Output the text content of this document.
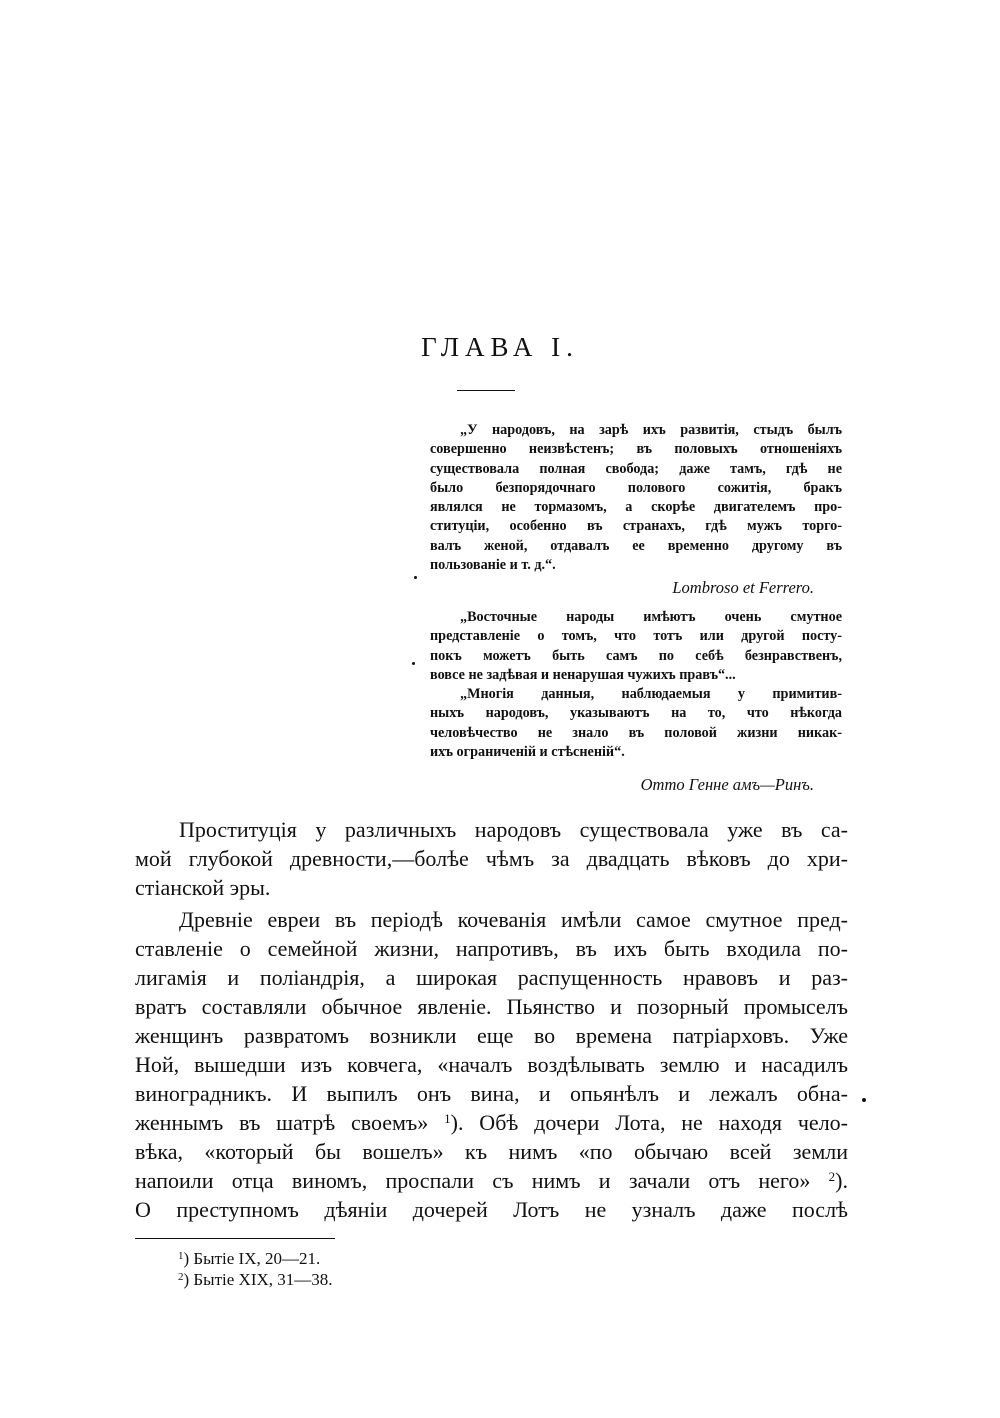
ГЛАВА I.
„У народовъ, на зарѣ ихъ развитія, стыдъ былъ
совершенно неизвѣстенъ; въ половыхъ отношеніяхъ
существовала полная свобода; даже тамъ, гдѣ не
было безпорядочнаго полового сожитія, бракъ
являлся не тормазомъ, а скорѣе двигателемъ про-
ституціи, особенно въ странахъ, гдѣ мужъ торго-
валъ женой, отдавалъ ее временно другому въ
пользованіе и т. д.“.
Lombroso et Ferrero.
„Восточные народы имѣютъ очень смутное
представленіе о томъ, что тотъ или другой посту-
покъ можетъ быть самъ по себѣ безнравственъ,
вовсе не задѣвая и ненарушая чужихъ правъ“...
„Многія данныя, наблюдаемыя у примитив-
ныхъ народовъ, указываютъ на то, что нѣкогда
человѣчество не знало въ половой жизни никак-
ихъ ограниченій и стѣсненій“.
Отто Генне амъ—Ринъ.
Проституція у различныхъ народовъ существовала уже въ са-
мой глубокой древности,—болѣе чѣмъ за двадцать вѣковъ до хри-
стіанской эры.
Древніе евреи въ періодѣ кочеванія имѣли самое смутное пред-
ставленіе о семейной жизни, напротивъ, въ ихъ быть входила по-
лигамія и поліандрія, а широкая распущенность нравовъ и раз-
вратъ составляли обычное явленіе. Пьянство и позорный промыселъ
женщинъ развратомъ возникли еще во времена патріарховъ. Уже
Ной, вышедши изъ ковчега, «началъ воздѣлывать землю и насадилъ
виноградникъ. И выпилъ онъ вина, и опьянѣлъ и лежалъ обна-
женнымъ въ шатрѣ своемъ» $^1$). Обѣ дочери Лота, не находя чело-
вѣка, «который бы вошелъ» къ нимъ «по обычаю всей земли
напоили отца виномъ, проспали съ нимъ и зачали отъ него» $^2$).
О преступномъ дѣяніи дочерей Лотъ не узналъ даже послѣ
$^1$) Бытіе IX, 20—21.
$^2$) Бытіе XIX, 31—38.
